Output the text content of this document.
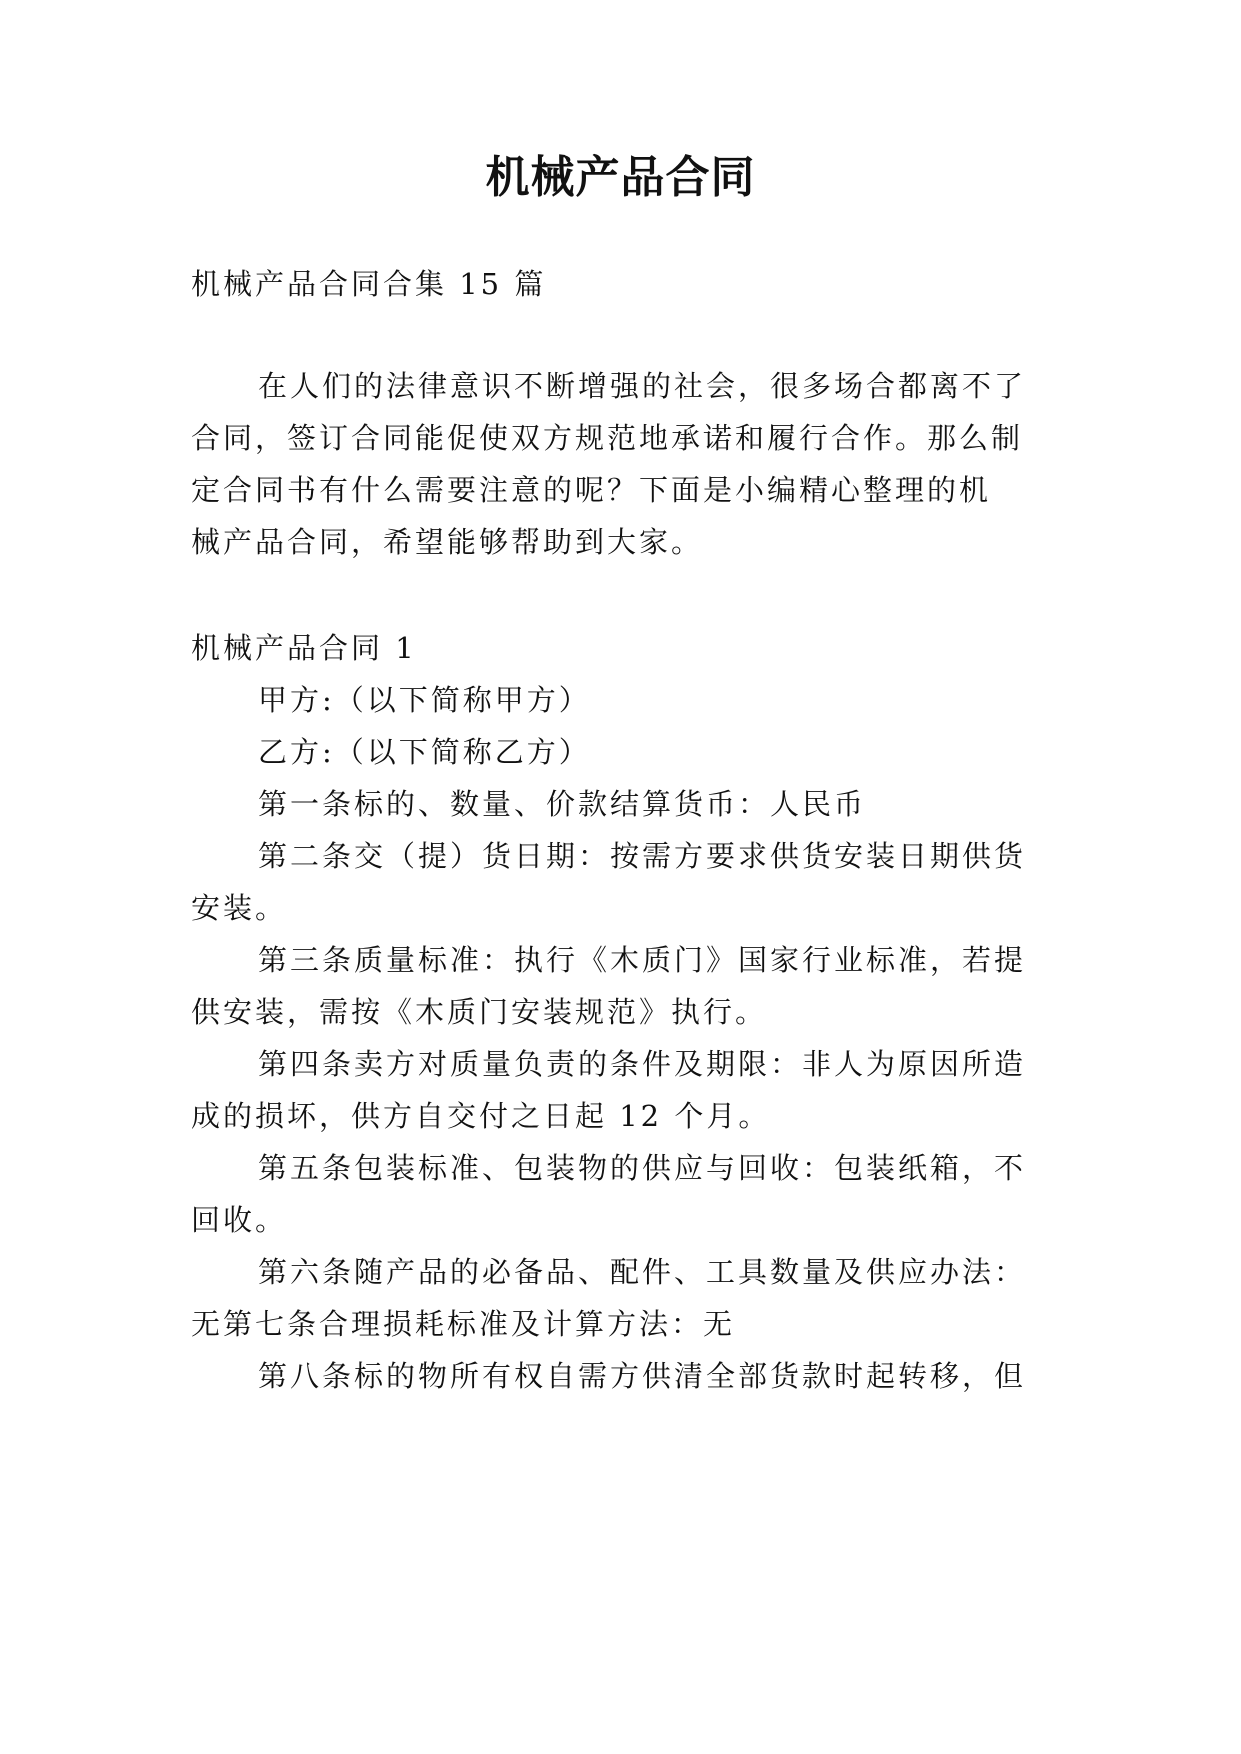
机械产品合同
机械产品合同合集 15 篇
在人们的法律意识不断增强的社会，很多场合都离不了
合同，签订合同能促使双方规范地承诺和履行合作。那么制
定合同书有什么需要注意的呢？下面是小编精心整理的机
械产品合同，希望能够帮助到大家。
机械产品合同 1
甲方:（以下简称甲方）
乙方:（以下简称乙方）
第一条标的、数量、价款结算货币：人民币
第二条交（提）货日期：按需方要求供货安装日期供货
安装。
第三条质量标准：执行《木质门》国家行业标准，若提
供安装，需按《木质门安装规范》执行。
第四条卖方对质量负责的条件及期限：非人为原因所造
成的损坏，供方自交付之日起 12 个月。
第五条包装标准、包装物的供应与回收：包装纸箱，不
回收。
第六条随产品的必备品、配件、工具数量及供应办法：
无第七条合理损耗标准及计算方法：无
第八条标的物所有权自需方供清全部货款时起转移，但
